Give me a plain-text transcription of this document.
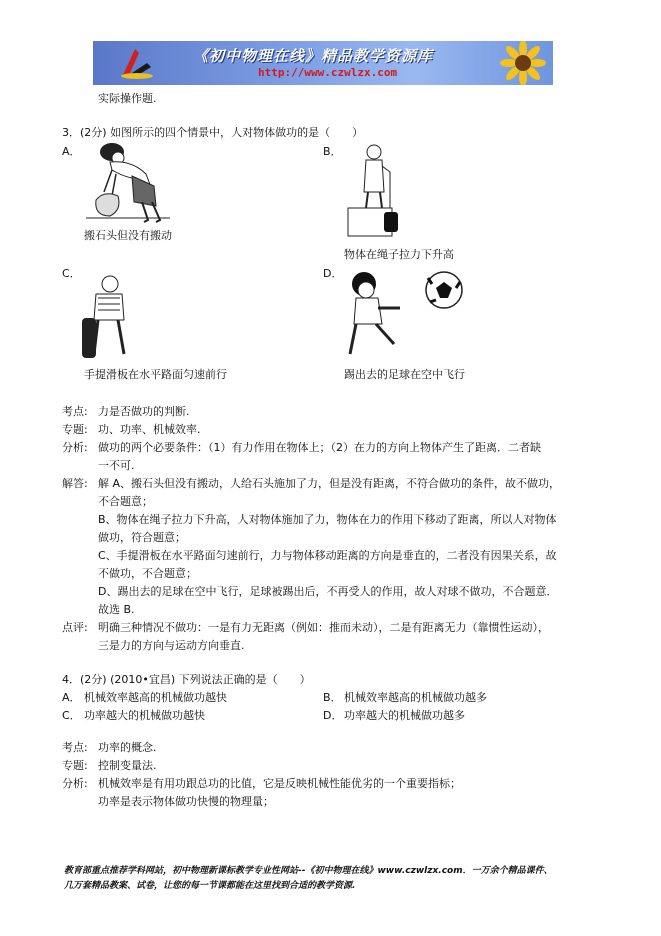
《初中物理在线》精品教学资源库
http://www.czwlzx.com
实际操作题.
3．(2分) 如图所示的四个情景中，人对物体做功的是（　　）
A．
搬石头但没有搬动
B．
物体在绳子拉力下升高
C．
手提滑板在水平路面匀速前行
D．
踢出去的足球在空中飞行
考点: 力是否做功的判断.
专题: 功、功率、机械效率.
分析: 做功的两个必要条件：（1）有力作用在物体上；（2）在力的方向上物体产生了距离．二者缺
一不可.
解答: 解 A、搬石头但没有搬动，人给石头施加了力，但是没有距离，不符合做功的条件，故不做功，
不合题意；
B、物体在绳子拉力下升高，人对物体施加了力，物体在力的作用下移动了距离，所以人对物体
做功，符合题意；
C、手提滑板在水平路面匀速前行，力与物体移动距离的方向是垂直的，二者没有因果关系，故
不做功，不合题意；
D、踢出去的足球在空中飞行，足球被踢出后，不再受人的作用，故人对球不做功，不合题意．
故选 B.
点评: 明确三种情况不做功：一是有力无距离（例如：推而未动），二是有距离无力（靠惯性运动），
三是力的方向与运动方向垂直.
4．(2分) (2010•宜昌) 下列说法正确的是（　　）
A． 机械效率越高的机械做功越快	B． 机械效率越高的机械做功越多
C． 功率越大的机械做功越快	D． 功率越大的机械做功越多
考点: 功率的概念.
专题: 控制变量法.
分析: 机械效率是有用功跟总功的比值，它是反映机械性能优劣的一个重要指标；
功率是表示物体做功快慢的物理量；
教育部重点推荐学科网站，初中物理新课标教学专业性网站--《初中物理在线》www.czwlzx.com．一万余个精品课件、
几万套精品教案、试卷，让您的每一节课都能在这里找到合适的教学资源.
